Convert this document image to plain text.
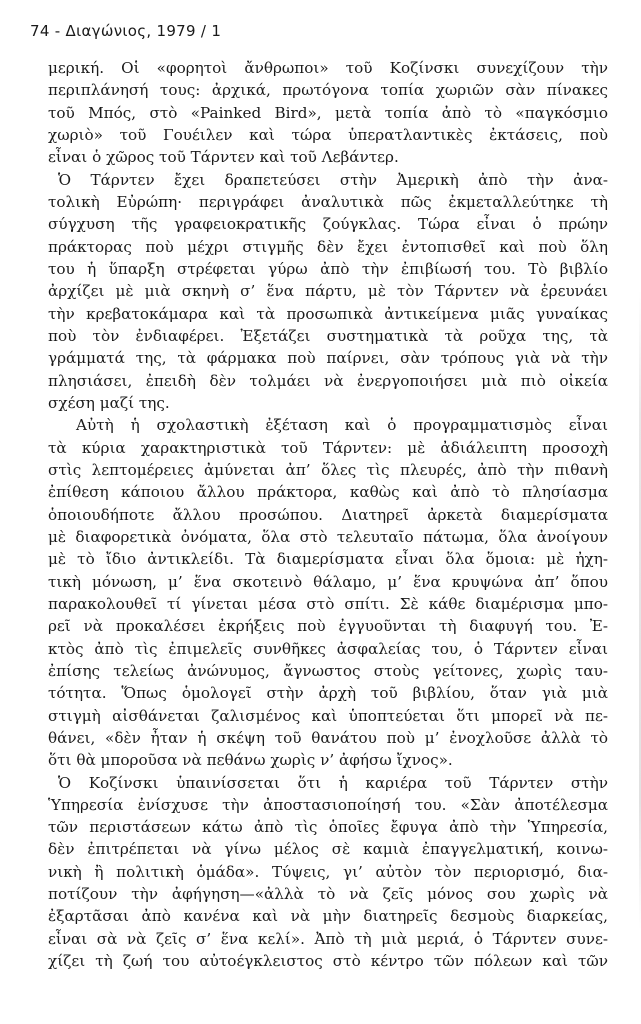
74 - Διαγώνιος, 1979 / 1
μερική. Οἱ «φορητοὶ ἄνθρωποι» τοῦ Κοζίνσκι συνεχίζουν τὴν
περιπλάνησή τους: ἀρχικά, πρωτόγονα τοπία χωριῶν σὰν πίνακες
τοῦ Μπός, στὸ «Painked Bird», μετὰ τοπία ἀπὸ τὸ «παγκόσμιο
χωριὸ» τοῦ Γουέιλεν καὶ τώρα ὑπερατλαντικὲς ἐκτάσεις, ποὺ
εἶναι ὁ χῶρος τοῦ Τάρντεν καὶ τοῦ Λεβάντερ.
Ὁ Τάρντεν ἔχει δραπετεύσει στὴν Ἀμερικὴ ἀπὸ τὴν ἀνα-
τολικὴ Εὐρώπη· περιγράφει ἀναλυτικὰ πῶς ἐκμεταλλεύτηκε τὴ
σύγχυση τῆς γραφειοκρατικῆς ζούγκλας. Τώρα εἶναι ὁ πρώην
πράκτορας ποὺ μέχρι στιγμῆς δὲν ἔχει ἐντοπισθεῖ καὶ ποὺ ὅλη
του ἡ ὕπαρξη στρέφεται γύρω ἀπὸ τὴν ἐπιβίωσή του. Τὸ βιβλίο
ἀρχίζει μὲ μιὰ σκηνὴ σ’ ἕνα πάρτυ, μὲ τὸν Τάρντεν νὰ ἐρευνάει
τὴν κρεβατοκάμαρα καὶ τὰ προσωπικὰ ἀντικείμενα μιᾶς γυναίκας
ποὺ τὸν ἐνδιαφέρει. Ἐξετάζει συστηματικὰ τὰ ροῦχα της, τὰ
γράμματά της, τὰ φάρμακα ποὺ παίρνει, σὰν τρόπους γιὰ νὰ τὴν
πλησιάσει, ἐπειδὴ δὲν τολμάει νὰ ἐνεργοποιήσει μιὰ πιὸ οἰκεία
σχέση μαζί της.
Αὐτὴ ἡ σχολαστικὴ ἐξέταση καὶ ὁ προγραμματισμὸς εἶναι
τὰ κύρια χαρακτηριστικὰ τοῦ Τάρντεν: μὲ ἀδιάλειπτη προσοχὴ
στὶς λεπτομέρειες ἀμύνεται ἀπ’ ὅλες τὶς πλευρές, ἀπὸ τὴν πιθανὴ
ἐπίθεση κάποιου ἄλλου πράκτορα, καθὼς καὶ ἀπὸ τὸ πλησίασμα
ὁποιουδήποτε ἄλλου προσώπου. Διατηρεῖ ἀρκετὰ διαμερίσματα
μὲ διαφορετικὰ ὀνόματα, ὅλα στὸ τελευταῖο πάτωμα, ὅλα ἀνοίγουν
μὲ τὸ ἴδιο ἀντικλείδι. Τὰ διαμερίσματα εἶναι ὅλα ὅμοια: μὲ ἠχη-
τικὴ μόνωση, μ’ ἕνα σκοτεινὸ θάλαμο, μ’ ἕνα κρυψώνα ἀπ’ ὅπου
παρακολουθεῖ τί γίνεται μέσα στὸ σπίτι. Σὲ κάθε διαμέρισμα μπο-
ρεῖ νὰ προκαλέσει ἐκρήξεις ποὺ ἐγγυοῦνται τὴ διαφυγή του. Ἐ-
κτὸς ἀπὸ τὶς ἐπιμελεῖς συνθῆκες ἀσφαλείας του, ὁ Τάρντεν εἶναι
ἐπίσης τελείως ἀνώνυμος, ἄγνωστος στοὺς γείτονες, χωρὶς ταυ-
τότητα. Ὅπως ὁμολογεῖ στὴν ἀρχὴ τοῦ βιβλίου, ὅταν γιὰ μιὰ
στιγμὴ αἰσθάνεται ζαλισμένος καὶ ὑποπτεύεται ὅτι μπορεῖ νὰ πε-
θάνει, «δὲν ἦταν ἡ σκέψη τοῦ θανάτου ποὺ μ’ ἐνοχλοῦσε ἀλλὰ τὸ
ὅτι θὰ μποροῦσα νὰ πεθάνω χωρὶς ν’ ἀφήσω ἴχνος».
Ὁ Κοζίνσκι ὑπαινίσσεται ὅτι ἡ καριέρα τοῦ Τάρντεν στὴν
Ὑπηρεσία ἐνίσχυσε τὴν ἀποστασιοποίησή του. «Σὰν ἀποτέλεσμα
τῶν περιστάσεων κάτω ἀπὸ τὶς ὁποῖες ἔφυγα ἀπὸ τὴν Ὑπηρεσία,
δὲν ἐπιτρέπεται νὰ γίνω μέλος σὲ καμιὰ ἐπαγγελματική, κοινω-
νικὴ ἢ πολιτικὴ ὁμάδα». Τύψεις, γι’ αὐτὸν τὸν περιορισμό, δια-
ποτίζουν τὴν ἀφήγηση—«ἀλλὰ τὸ νὰ ζεῖς μόνος σου χωρὶς νὰ
ἐξαρτᾶσαι ἀπὸ κανένα καὶ νὰ μὴν διατηρεῖς δεσμοὺς διαρκείας,
εἶναι σὰ νὰ ζεῖς σ’ ἕνα κελί». Ἀπὸ τὴ μιὰ μεριά, ὁ Τάρντεν συνε-
χίζει τὴ ζωή του αὐτοέγκλειστος στὸ κέντρο τῶν πόλεων καὶ τῶν
